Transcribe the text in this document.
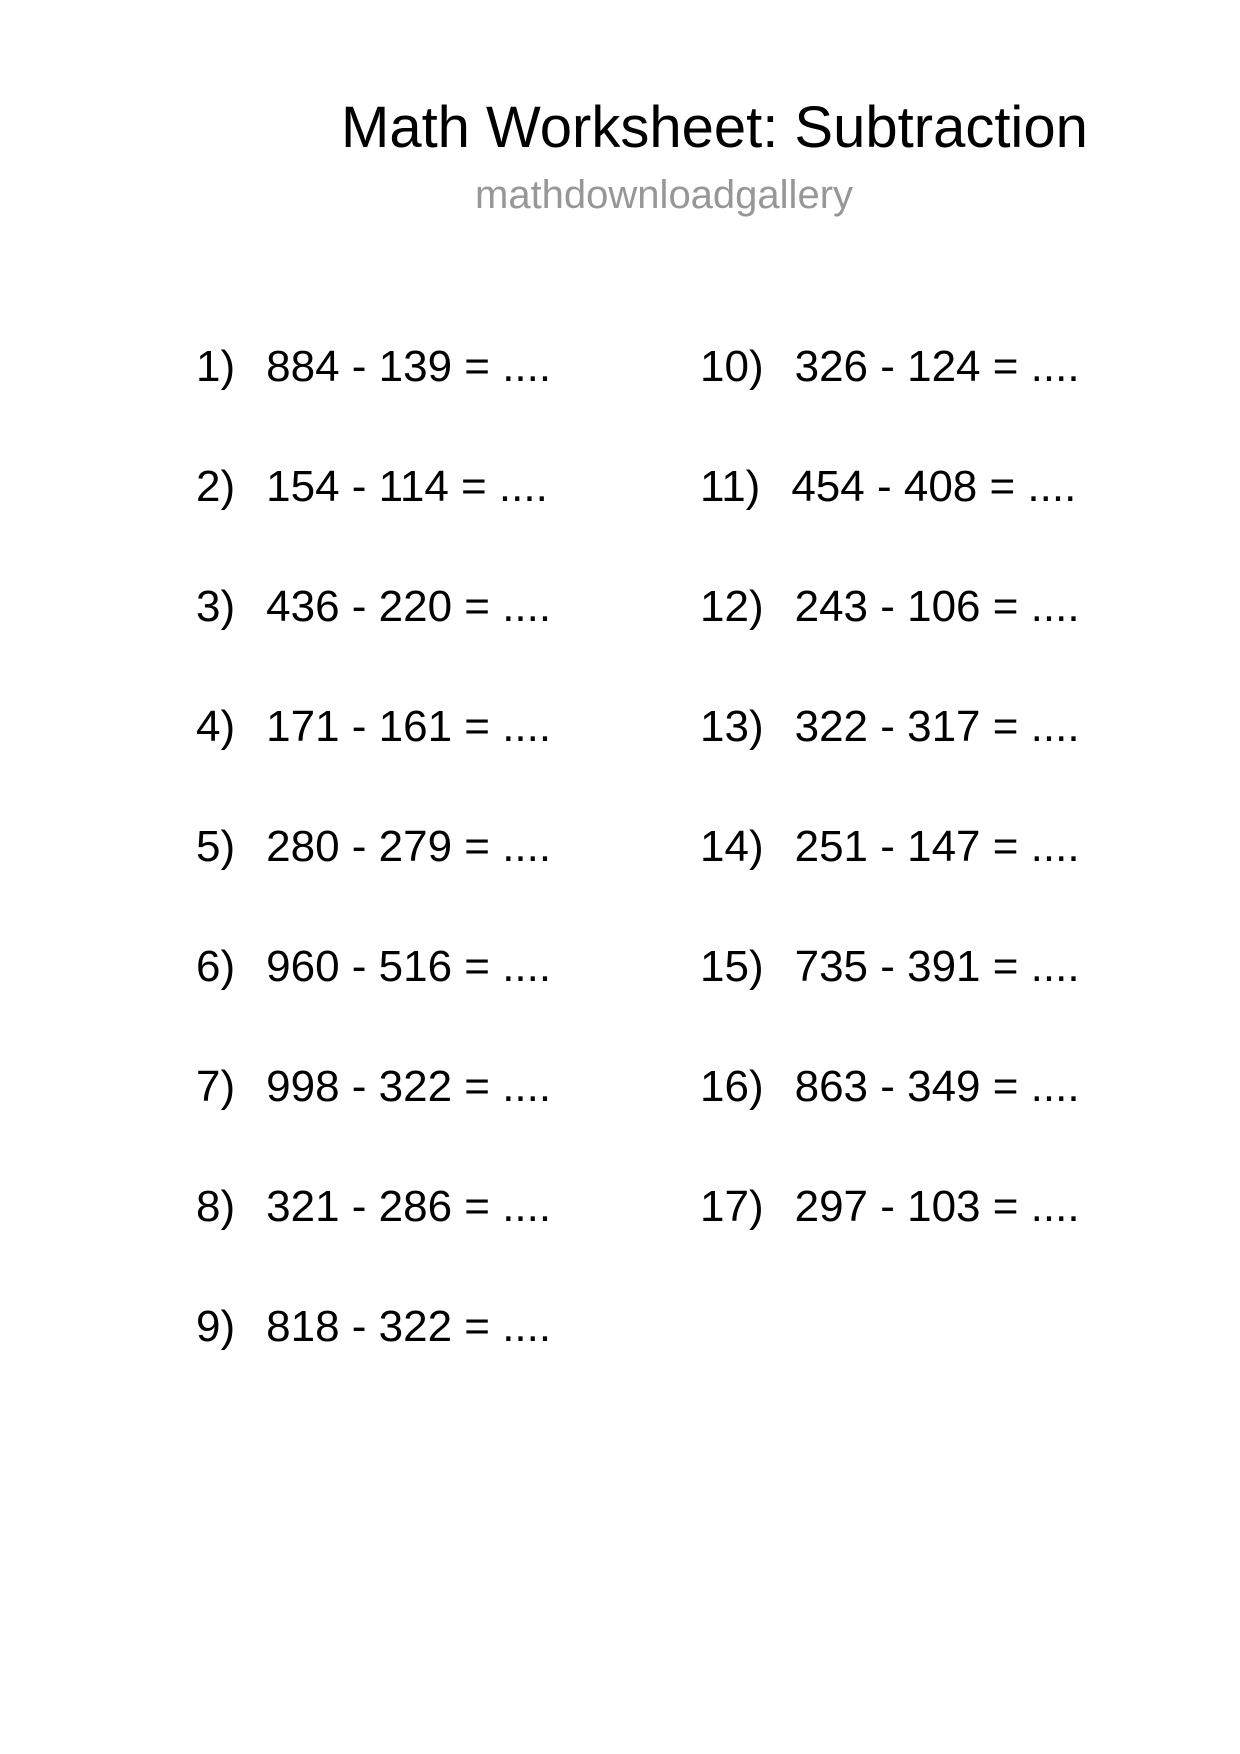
Math Worksheet: Subtraction
mathdownloadgallery
1) 884 - 139 = ....
2) 154 - 114 = ....
3) 436 - 220 = ....
4) 171 - 161 = ....
5) 280 - 279 = ....
6) 960 - 516 = ....
7) 998 - 322 = ....
8) 321 - 286 = ....
9) 818 - 322 = ....
10) 326 - 124 = ....
11) 454 - 408 = ....
12) 243 - 106 = ....
13) 322 - 317 = ....
14) 251 - 147 = ....
15) 735 - 391 = ....
16) 863 - 349 = ....
17) 297 - 103 = ....
